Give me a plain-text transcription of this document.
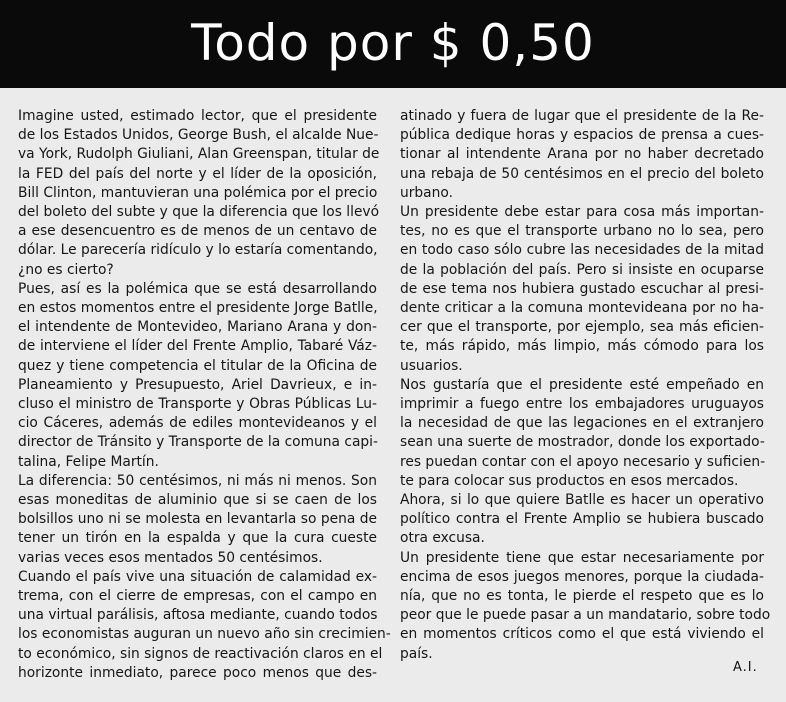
Todo por $ 0,50
Imagine usted, estimado lector, que el presidente
de los Estados Unidos, George Bush, el alcalde Nue-
va York, Rudolph Giuliani, Alan Greenspan, titular de
la FED del país del norte y el líder de la oposición,
Bill Clinton, mantuvieran una polémica por el precio
del boleto del subte y que la diferencia que los llevó
a ese desencuentro es de menos de un centavo de
dólar. Le parecería ridículo y lo estaría comentando,
¿no es cierto?
Pues, así es la polémica que se está desarrollando
en estos momentos entre el presidente Jorge Batlle,
el intendente de Montevideo, Mariano Arana y don-
de interviene el líder del Frente Amplio, Tabaré Váz-
quez y tiene competencia el titular de la Oficina de
Planeamiento y Presupuesto, Ariel Davrieux, e in-
cluso el ministro de Transporte y Obras Públicas Lu-
cio Cáceres, además de ediles montevideanos y el
director de Tránsito y Transporte de la comuna capi-
talina, Felipe Martín.
La diferencia: 50 centésimos, ni más ni menos. Son
esas moneditas de aluminio que si se caen de los
bolsillos uno ni se molesta en levantarla so pena de
tener un tirón en la espalda y que la cura cueste
varias veces esos mentados 50 centésimos.
Cuando el país vive una situación de calamidad ex-
trema, con el cierre de empresas, con el campo en
una virtual parálisis, aftosa mediante, cuando todos
los economistas auguran un nuevo año sin crecimien-
to económico, sin signos de reactivación claros en el
horizonte inmediato, parece poco menos que des-
atinado y fuera de lugar que el presidente de la Re-
pública dedique horas y espacios de prensa a cues-
tionar al intendente Arana por no haber decretado
una rebaja de 50 centésimos en el precio del boleto
urbano.
Un presidente debe estar para cosa más importan-
tes, no es que el transporte urbano no lo sea, pero
en todo caso sólo cubre las necesidades de la mitad
de la población del país. Pero si insiste en ocuparse
de ese tema nos hubiera gustado escuchar al presi-
dente criticar a la comuna montevideana por no ha-
cer que el transporte, por ejemplo, sea más eficien-
te, más rápido, más limpio, más cómodo para los
usuarios.
Nos gustaría que el presidente esté empeñado en
imprimir a fuego entre los embajadores uruguayos
la necesidad de que las legaciones en el extranjero
sean una suerte de mostrador, donde los exportado-
res puedan contar con el apoyo necesario y suficien-
te para colocar sus productos en esos mercados.
Ahora, si lo que quiere Batlle es hacer un operativo
político contra el Frente Amplio se hubiera buscado
otra excusa.
Un presidente tiene que estar necesariamente por
encima de esos juegos menores, porque la ciudada-
nía, que no es tonta, le pierde el respeto que es lo
peor que le puede pasar a un mandatario, sobre todo
en momentos críticos como el que está viviendo el
país.
A.I.
